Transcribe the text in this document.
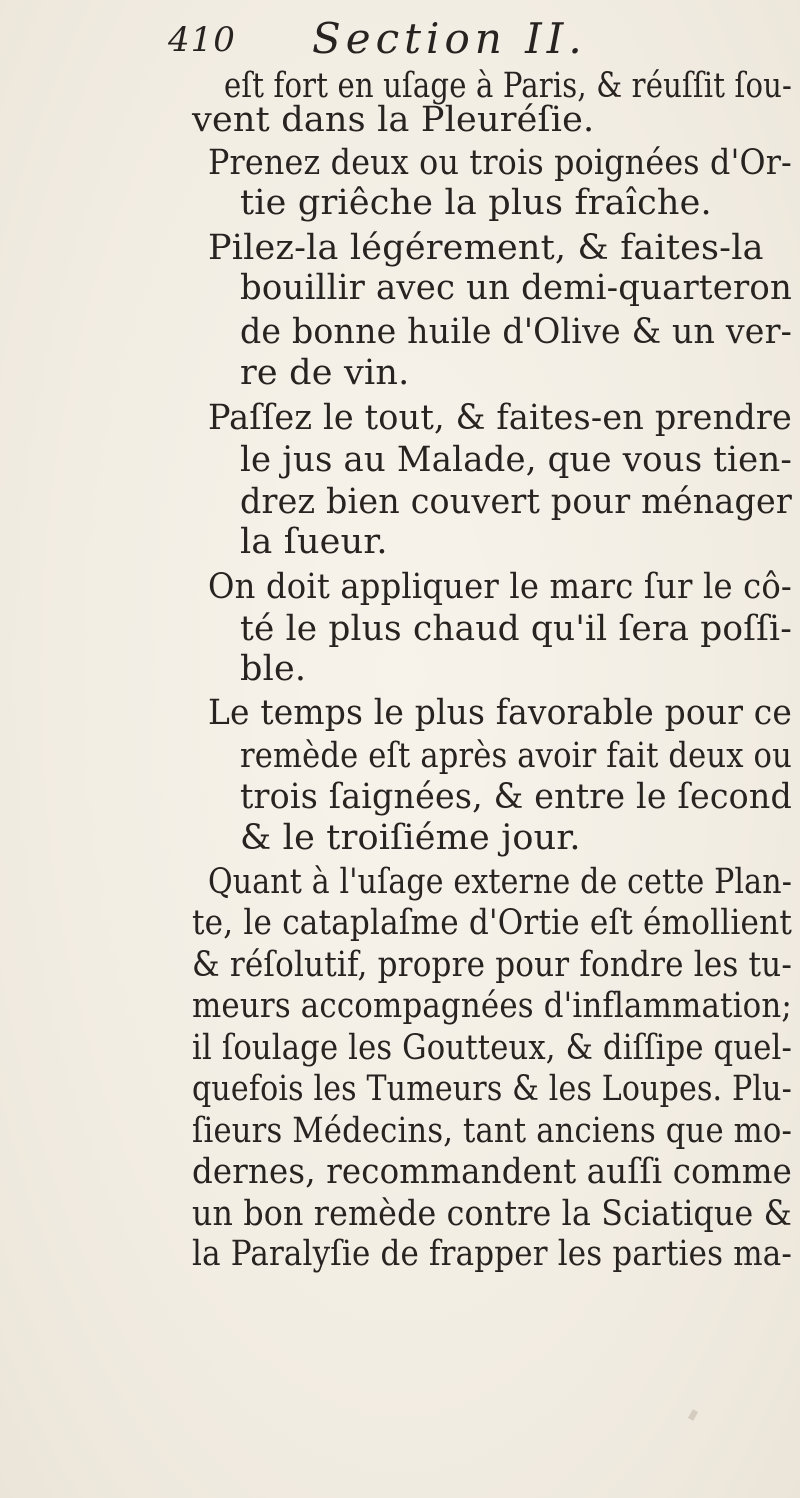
410 Section II.
eſt fort en uſage à Paris, & réuſſit ſou‑
vent dans la Pleuréſie.
Prenez deux ou trois poignées d'Or‑
tie griêche la plus fraîche.
Pilez‑la légérement, & faites‑la
bouillir avec un demi‑quarteron
de bonne huile d'Olive & un ver‑
re de vin.
Paſſez le tout, & faites‑en prendre
le jus au Malade, que vous tien‑
drez bien couvert pour ménager
la ſueur.
On doit appliquer le marc ſur le cô‑
té le plus chaud qu'il ſera poſſi‑
ble.
Le temps le plus favorable pour ce
remède eſt après avoir fait deux ou
trois ſaignées, & entre le ſecond
& le troiſiéme jour.
Quant à l'uſage externe de cette Plan‑
te, le cataplaſme d'Ortie eſt émollient
& réſolutif, propre pour fondre les tu‑
meurs accompagnées d'inflammation;
il ſoulage les Goutteux, & diſſipe quel‑
quefois les Tumeurs & les Loupes. Plu‑
ſieurs Médecins, tant anciens que mo‑
dernes, recommandent auſſi comme
un bon remède contre la Sciatique &
la Paralyſie de frapper les parties ma‑
